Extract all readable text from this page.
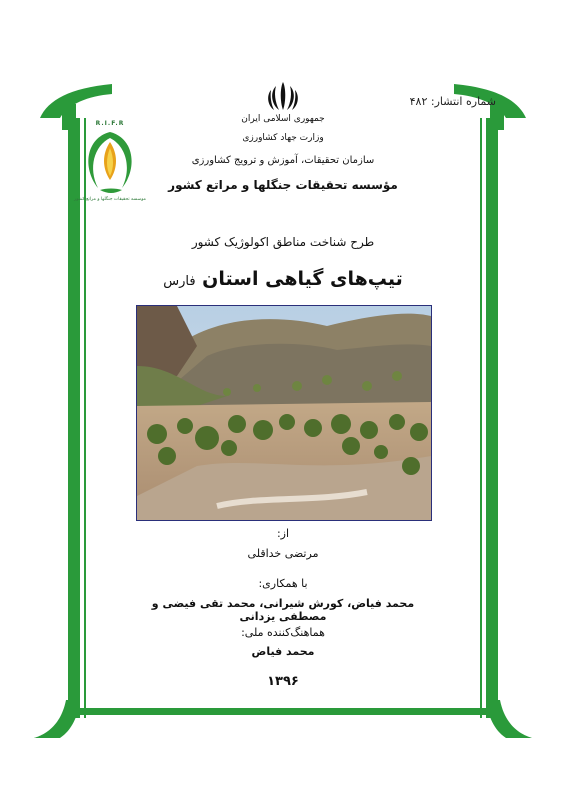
شماره انتشار: ۴۸۲
جمهوری اسلامی ایران
وزارت جهاد کشاورزی
سازمان تحقیقات، آموزش و ترویج کشاورزی
مؤسسه تحقیقات جنگلها و مراتع کشور
R.I.F.R
موسسه تحقیقات جنگلها و مراتع کشور
طرح شناخت مناطق اکولوژیک کشور
تیپ‌های گیاهی استان فارس
از:
مرتضی خداقلی
با همکاری:
محمد فیاض، کورش شیرانی، محمد تقی فیضی و مصطفی یزدانی
هماهنگ‌کننده ملی:
محمد فیاض
۱۳۹۶
